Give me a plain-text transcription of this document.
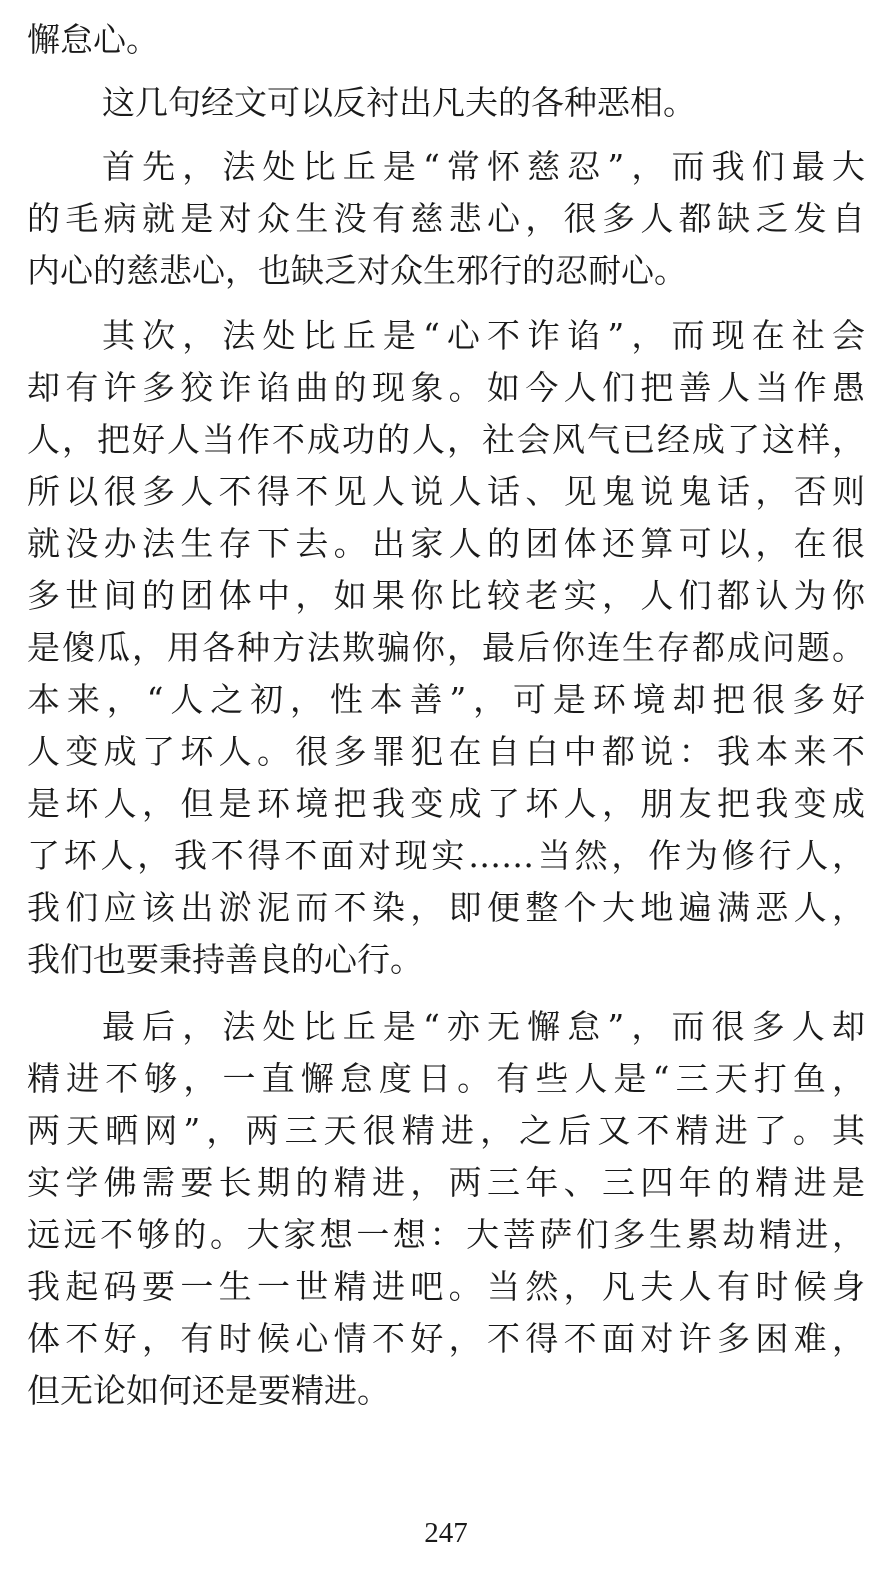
懈怠心。
这几句经文可以反衬出凡夫的各种恶相。
首先，法处比丘是“常怀慈忍”，而我们最大
的毛病就是对众生没有慈悲心，很多人都缺乏发自
内心的慈悲心，也缺乏对众生邪行的忍耐心。
其次，法处比丘是“心不诈谄”，而现在社会
却有许多狡诈谄曲的现象。如今人们把善人当作愚
人，把好人当作不成功的人，社会风气已经成了这样，
所以很多人不得不见人说人话、见鬼说鬼话，否则
就没办法生存下去。出家人的团体还算可以，在很
多世间的团体中，如果你比较老实，人们都认为你
是傻瓜，用各种方法欺骗你，最后你连生存都成问题。
本来，“人之初，性本善”，可是环境却把很多好
人变成了坏人。很多罪犯在自白中都说：我本来不
是坏人，但是环境把我变成了坏人，朋友把我变成
了坏人，我不得不面对现实……当然，作为修行人，
我们应该出淤泥而不染，即便整个大地遍满恶人，
我们也要秉持善良的心行。
最后，法处比丘是“亦无懈怠”，而很多人却
精进不够，一直懈怠度日。有些人是“三天打鱼，
两天晒网”，两三天很精进，之后又不精进了。其
实学佛需要长期的精进，两三年、三四年的精进是
远远不够的。大家想一想：大菩萨们多生累劫精进，
我起码要一生一世精进吧。当然，凡夫人有时候身
体不好，有时候心情不好，不得不面对许多困难，
但无论如何还是要精进。
247
